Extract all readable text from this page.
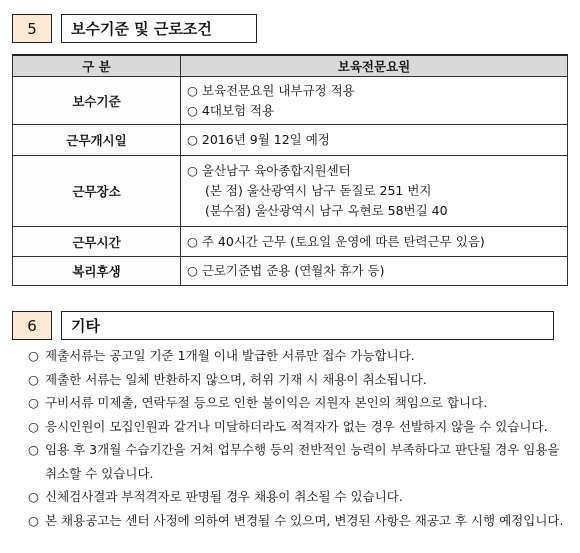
5	보수기준 및 근로조건
구 분	보육전문요원
보수기준	○ 보육전문요원 내부규정 적용
○ 4대보험 적용

근무개시일	○ 2016년 9월 12일 예정

근무장소	○ 울산남구 육아종합지원센터
(본 점) 울산광역시 남구 돋질로 251 번지
(분수점) 울산광역시 남구 옥현로 58번길 40

근무시간	○ 주 40시간 근무 (토요일 운영에 따른 탄력근무 있음)

복리후생	○ 근로기준법 준용 (연월차 휴가 등)
6	기타
○ 제출서류는 공고일 기준 1개월 이내 발급한 서류만 접수 가능합니다.
○ 제출한 서류는 일체 반환하지 않으며, 허위 기재 시 채용이 취소됩니다.
○ 구비서류 미제출, 연락두절 등으로 인한 불이익은 지원자 본인의 책임으로 합니다.
○ 응시인원이 모집인원과 같거나 미달하더라도 적격자가 없는 경우 선발하지 않을 수 있습니다.
○ 임용 후 3개월 수습기간을 거쳐 업무수행 등의 전반적인 능력이 부족하다고 판단될 경우 임용을 취소할 수 있습니다.
○ 신체검사결과 부적격자로 판명될 경우 채용이 취소될 수 있습니다.
○ 본 채용공고는 센터 사정에 의하여 변경될 수 있으며, 변경된 사항은 재공고 후 시행 예정입니다.
